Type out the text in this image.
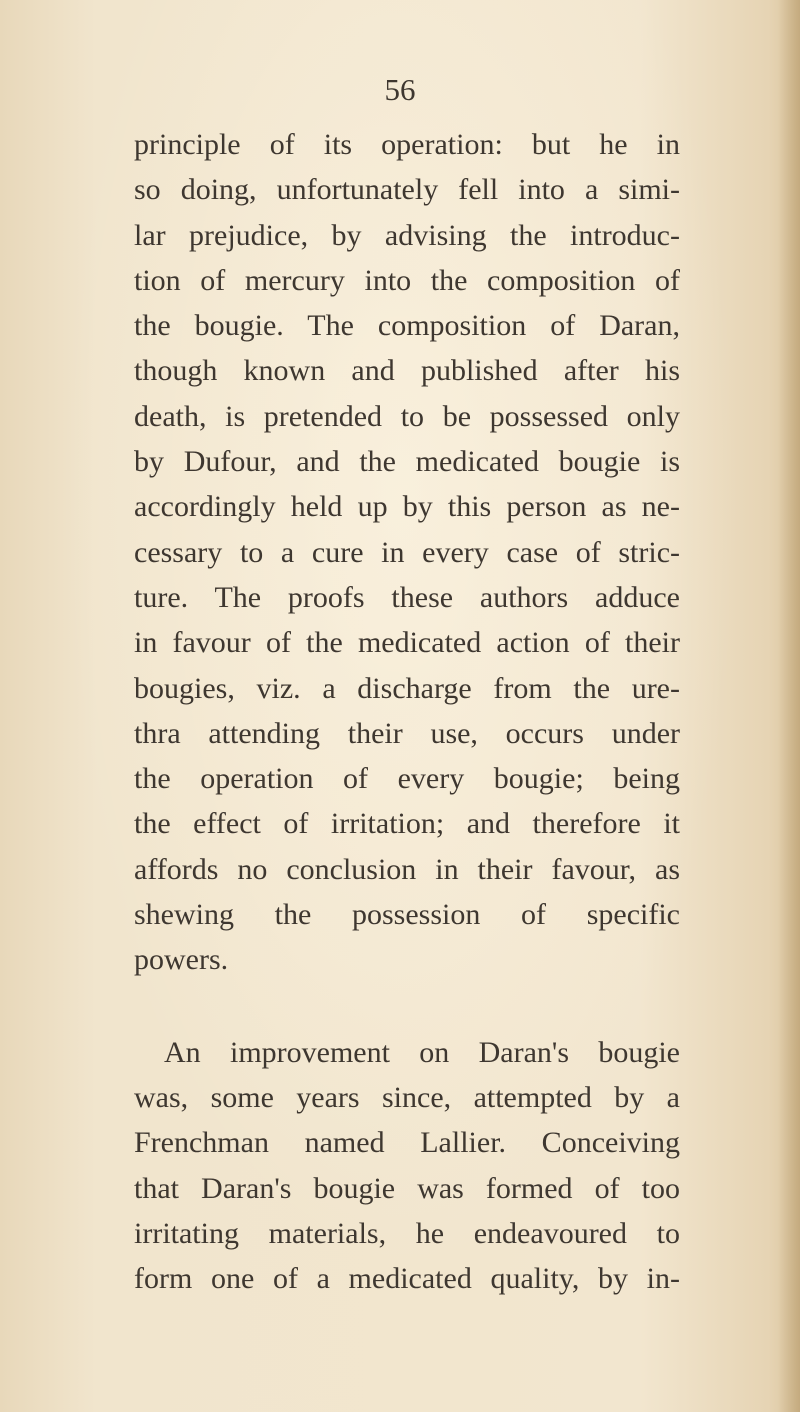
56
principle of its operation: but he in
so doing, unfortunately fell into a simi-
lar prejudice, by advising the introduc-
tion of mercury into the composition of
the bougie. The composition of Daran,
though known and published after his
death, is pretended to be possessed only
by Dufour, and the medicated bougie is
accordingly held up by this person as ne-
cessary to a cure in every case of stric-
ture. The proofs these authors adduce
in favour of the medicated action of their
bougies, viz. a discharge from the ure-
thra attending their use, occurs under
the operation of every bougie; being
the effect of irritation; and therefore it
affords no conclusion in their favour, as
shewing the possession of specific
powers.
An improvement on Daran's bougie
was, some years since, attempted by a
Frenchman named Lallier. Conceiving
that Daran's bougie was formed of too
irritating materials, he endeavoured to
form one of a medicated quality, by in-
